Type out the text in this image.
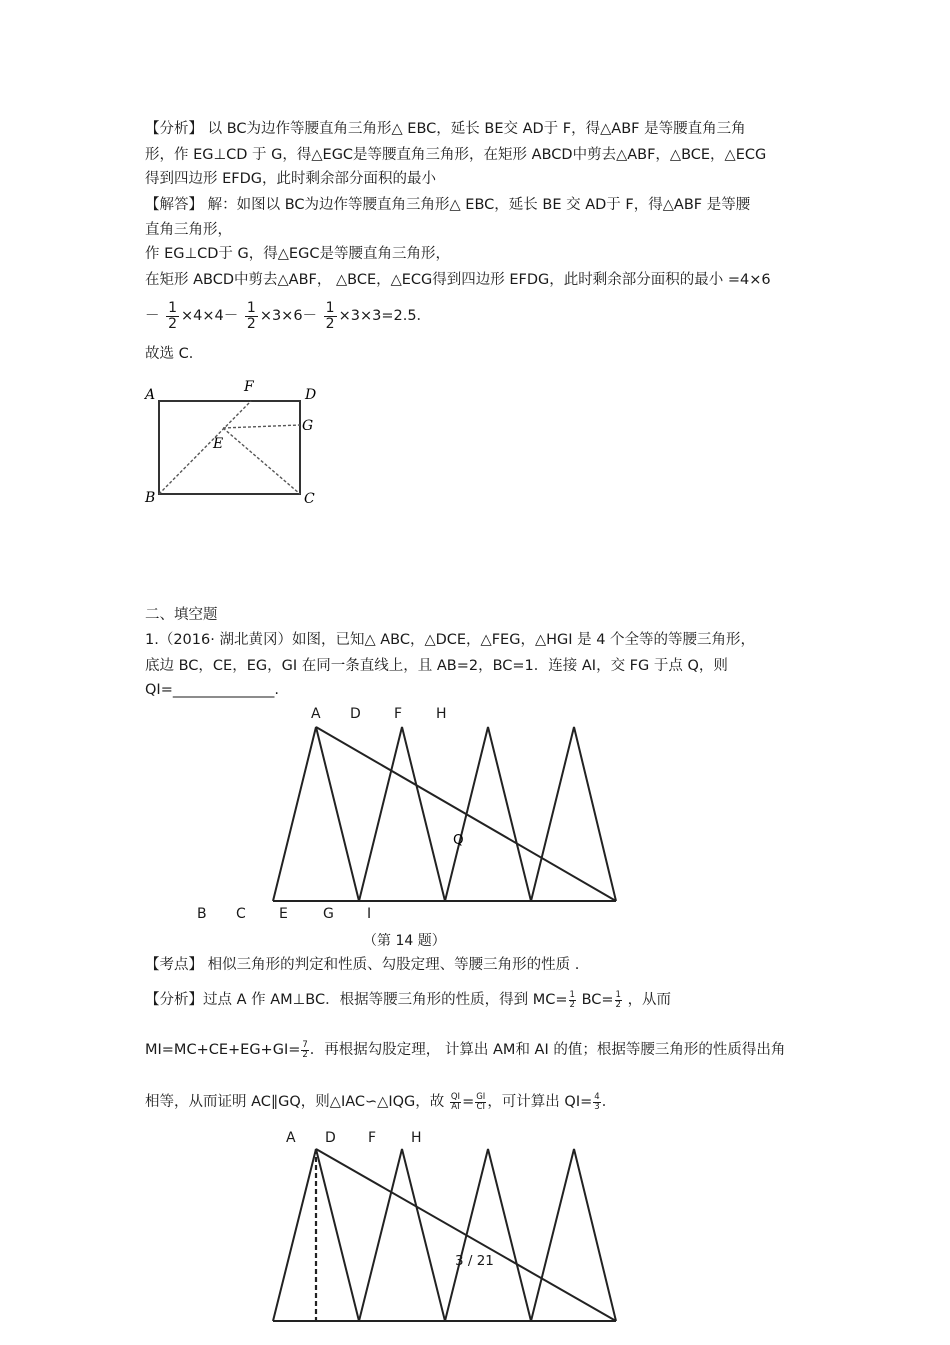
【分析】 以 BC为边作等腰直角三角形△ EBC，延长 BE交 AD于 F，得△ABF 是等腰直角三角
形，作 EG⊥CD 于 G，得△EGC是等腰直角三角形，在矩形 ABCD中剪去△ABF，△BCE，△ECG
得到四边形 EFDG，此时剩余部分面积的最小
【解答】 解：如图以 BC为边作等腰直角三角形△ EBC，延长 BE 交 AD于 F，得△ABF 是等腰
直角三角形，
作 EG⊥CD于 G，得△EGC是等腰直角三角形，
在矩形 ABCD中剪去△ABF， △BCE，△ECG得到四边形 EFDG，此时剩余部分面积的最小 =4×6
－ $\frac{1}{2} \times 4\times 4- \frac{1}{2} \times 3\times 6- \frac{1}{2} \times 3\times 3=2.5$．
故选 C．
A
B	C
D
E
F
G
二、填空题
1.（2016· 湖北黄冈）如图，已知△ ABC，△DCE，△FEG，△HGI 是 4 个全等的等腰三角形，
底边 BC，CE，EG，GI 在同一条直线上，且 AB=2，BC=1．连接 AI，交 FG 于点 Q，则
QI=______________.
A D F H
Q
B C E	G I
（第 14 题）
【考点】 相似三角形的判定和性质、勾股定理、等腰三角形的性质 .
【分析】过点 A 作 AM⊥BC．根据等腰三角形的性质，得到 $MC= \frac{1}{2} BC= \frac{1}{2}$ ，从而
$MI=MC+CE+EG+GI= \frac{7}{2}$ ．再根据勾股定理， 计算出 AM和 AI 的值；根据等腰三角形的性质得出角
相等，从而证明 AC∥GQ，则△IAC∽△IQG，故 $\frac{QI}{AI} = \frac{GI}{CI}$ ，可计算出 $QI= \frac{4}{3}$ ．
A D F H
3 / 21
